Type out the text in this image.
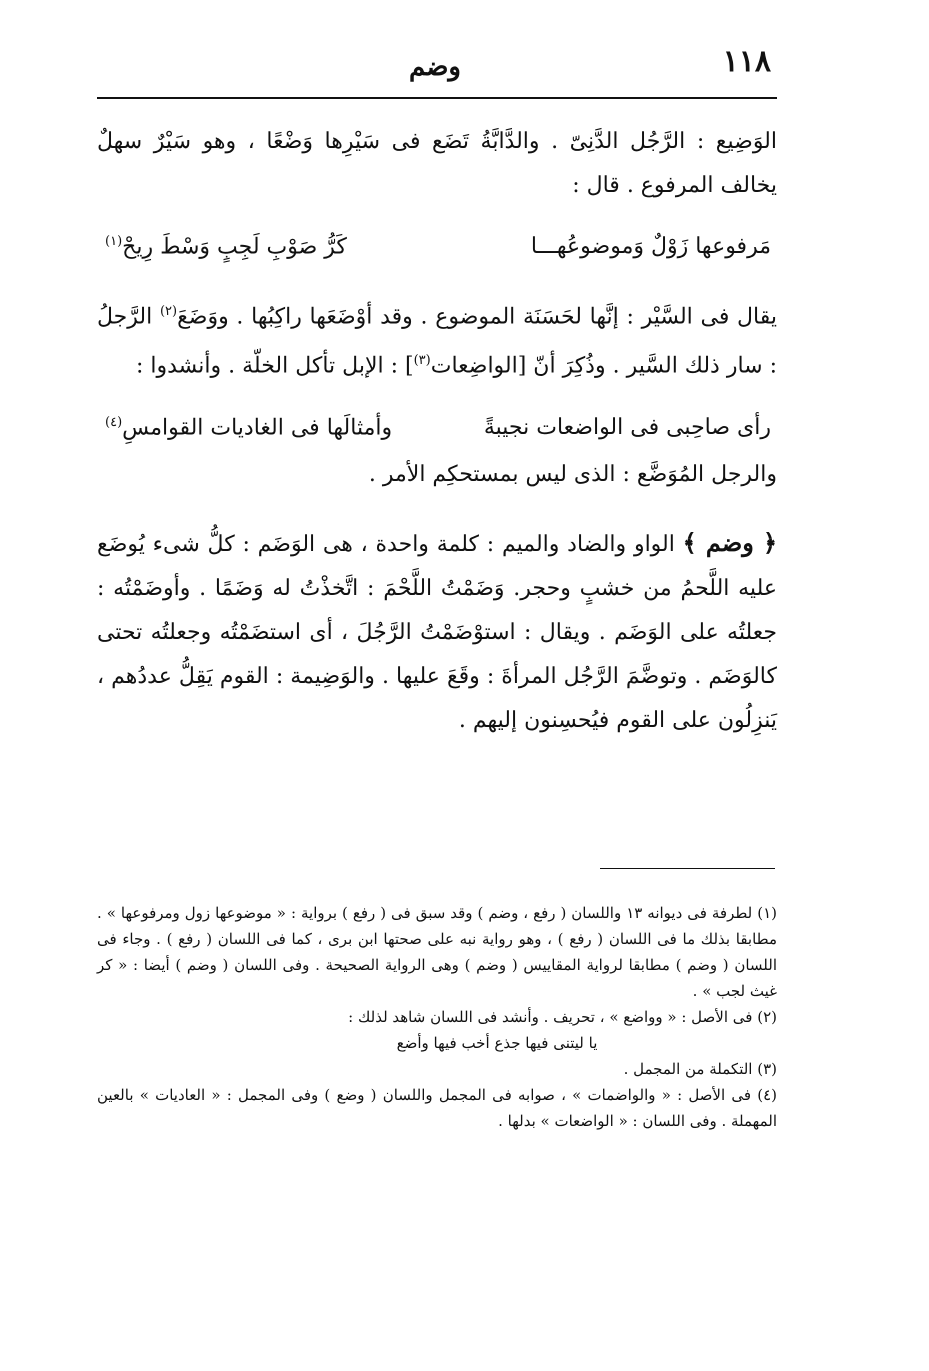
١١٨
وضم

الوَضِيع : الرَّجُل الدَّنِىّ . والدَّابَّةُ تَضَع فى سَيْرِها وَضْعًا ، وهو سَيْرٌ سهلٌ يخالف المرفوع . قال :

مَرفوعها زَوْلٌ وَموضوعُهـــا
كَرُّ صَوْبِ لَجِبٍ وَسْطَ رِيحْ$^{(١)}$

يقال فى السَّيْر : إنَّها لحَسَنَة الموضوع . وقد أوْضَعَها راكِبُها . ووَضَعَ$^{(٢)}$ الرَّجلُ : سار ذلك السَّير . وذُكِرَ أنّ [الواضِعات$^{(٣)}$] : الإبل تأكل الخلّة . وأنشدوا :

رأى صاحِبى فى الواضعات نجيبةً
وأمثالَها فى الغاديات القوامسِ$^{(٤)}$

والرجل المُوَضَّع : الذى ليس بمستحكِم الأمر .

﴿ وضم ﴾ الواو والضاد والميم : كلمة واحدة ، هى الوَضَم : كلُّ شىء يُوضَع عليه اللَّحمُ من خشبٍ وحجر. وَضَمْتُ اللَّحْمَ : اتَّخذْتُ له وَضَمًا . وأوضَمْتُه : جعلتُه على الوَضَم . ويقال : استوْضَمْتُ الرَّجُلَ ، أى استضَمْتُه وجعلتُه تحتى كالوَضَم . وتوضَّمَ الرَّجُل المرأةَ : وقَعَ عليها . والوَضِيمة : القوم يَقِلُّ عددُهم ، يَنزِلُون على القوم فيُحسِنون إليهم .

(١) لطرفة فى ديوانه ١٣ واللسان ( رفع ، وضم ) وقد سبق فى ( رفع ) برواية : « موضوعها زول ومرفوعها » . مطابقا بذلك ما فى اللسان ( رفع ) ، وهو رواية نبه على صحتها ابن برى ، كما فى اللسان ( رفع ) . وجاء فى اللسان ( وضم ) مطابقا لرواية المقاييس ( وضم ) وهى الرواية الصحيحة . وفى اللسان ( وضم ) أيضا : « كر غيث لجب » .

(٢) فى الأصل : « وواضع » ، تحريف . وأنشد فى اللسان شاهد لذلك :

يا ليتنى فيها جذع أخب فيها وأضع

(٣) التكملة من المجمل .

(٤) فى الأصل : « والواضمات » ، صوابه فى المجمل واللسان ( وضع ) وفى المجمل : « العاديات » بالعين المهملة . وفى اللسان : « الواضعات » بدلها .
